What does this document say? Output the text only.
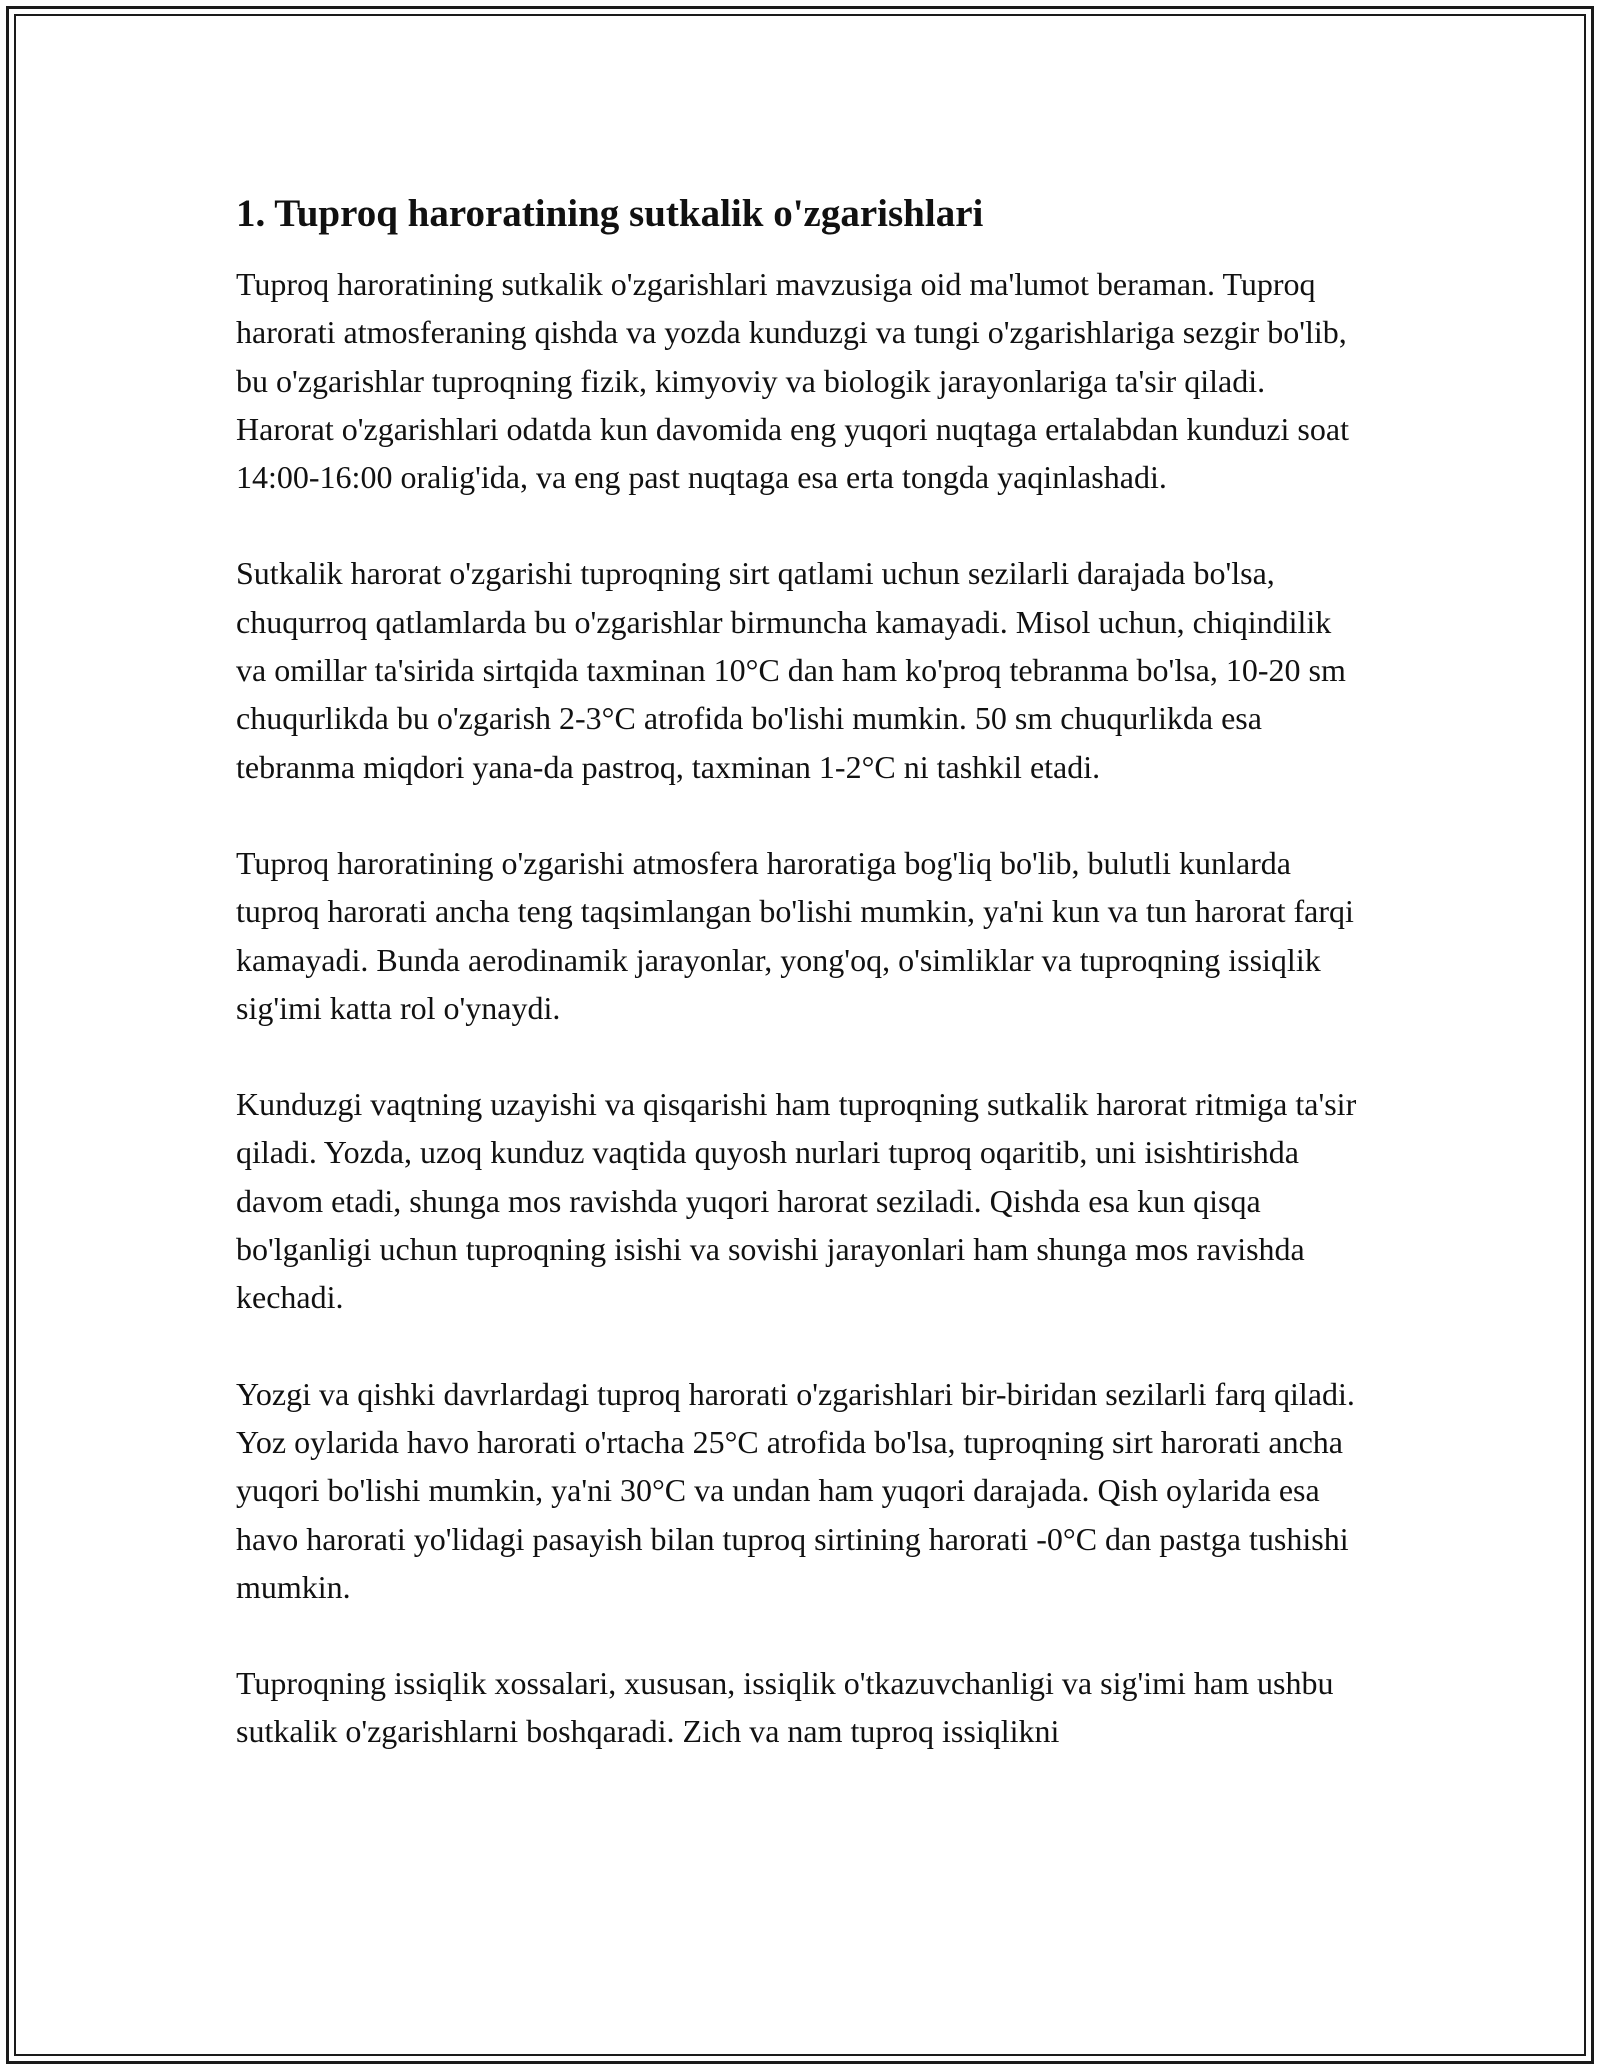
1. Tuproq haroratining sutkalik o'zgarishlari

Tuproq haroratining sutkalik o'zgarishlari mavzusiga oid ma'lumot beraman. Tuproq harorati atmosferaning qishda va yozda kunduzgi va tungi o'zgarishlariga sezgir bo'lib, bu o'zgarishlar tuproqning fizik, kimyoviy va biologik jarayonlariga ta'sir qiladi. Harorat o'zgarishlari odatda kun davomida eng yuqori nuqtaga ertalabdan kunduzi soat 14:00-16:00 oralig'ida, va eng past nuqtaga esa erta tongda yaqinlashadi.

Sutkalik harorat o'zgarishi tuproqning sirt qatlami uchun sezilarli darajada bo'lsa, chuqurroq qatlamlarda bu o'zgarishlar birmuncha kamayadi. Misol uchun, chiqindilik va omillar ta'sirida sirtqida taxminan 10°C dan ham ko'proq tebranma bo'lsa, 10-20 sm chuqurlikda bu o'zgarish 2-3°C atrofida bo'lishi mumkin. 50 sm chuqurlikda esa tebranma miqdori yana-da pastroq, taxminan 1-2°C ni tashkil etadi.

Tuproq haroratining o'zgarishi atmosfera haroratiga bog'liq bo'lib, bulutli kunlarda tuproq harorati ancha teng taqsimlangan bo'lishi mumkin, ya'ni kun va tun harorat farqi kamayadi. Bunda aerodinamik jarayonlar, yong'oq, o'simliklar va tuproqning issiqlik sig'imi katta rol o'ynaydi.

Kunduzgi vaqtning uzayishi va qisqarishi ham tuproqning sutkalik harorat ritmiga ta'sir qiladi. Yozda, uzoq kunduz vaqtida quyosh nurlari tuproq oqaritib, uni isishtirishda davom etadi, shunga mos ravishda yuqori harorat seziladi. Qishda esa kun qisqa bo'lganligi uchun tuproqning isishi va sovishi jarayonlari ham shunga mos ravishda kechadi.

Yozgi va qishki davrlardagi tuproq harorati o'zgarishlari bir-biridan sezilarli farq qiladi. Yoz oylarida havo harorati o'rtacha 25°C atrofida bo'lsa, tuproqning sirt harorati ancha yuqori bo'lishi mumkin, ya'ni 30°C va undan ham yuqori darajada. Qish oylarida esa havo harorati yo'lidagi pasayish bilan tuproq sirtining harorati -0°C dan pastga tushishi mumkin.

Tuproqning issiqlik xossalari, xususan, issiqlik o'tkazuvchanligi va sig'imi ham ushbu sutkalik o'zgarishlarni boshqaradi. Zich va nam tuproq issiqlikni
